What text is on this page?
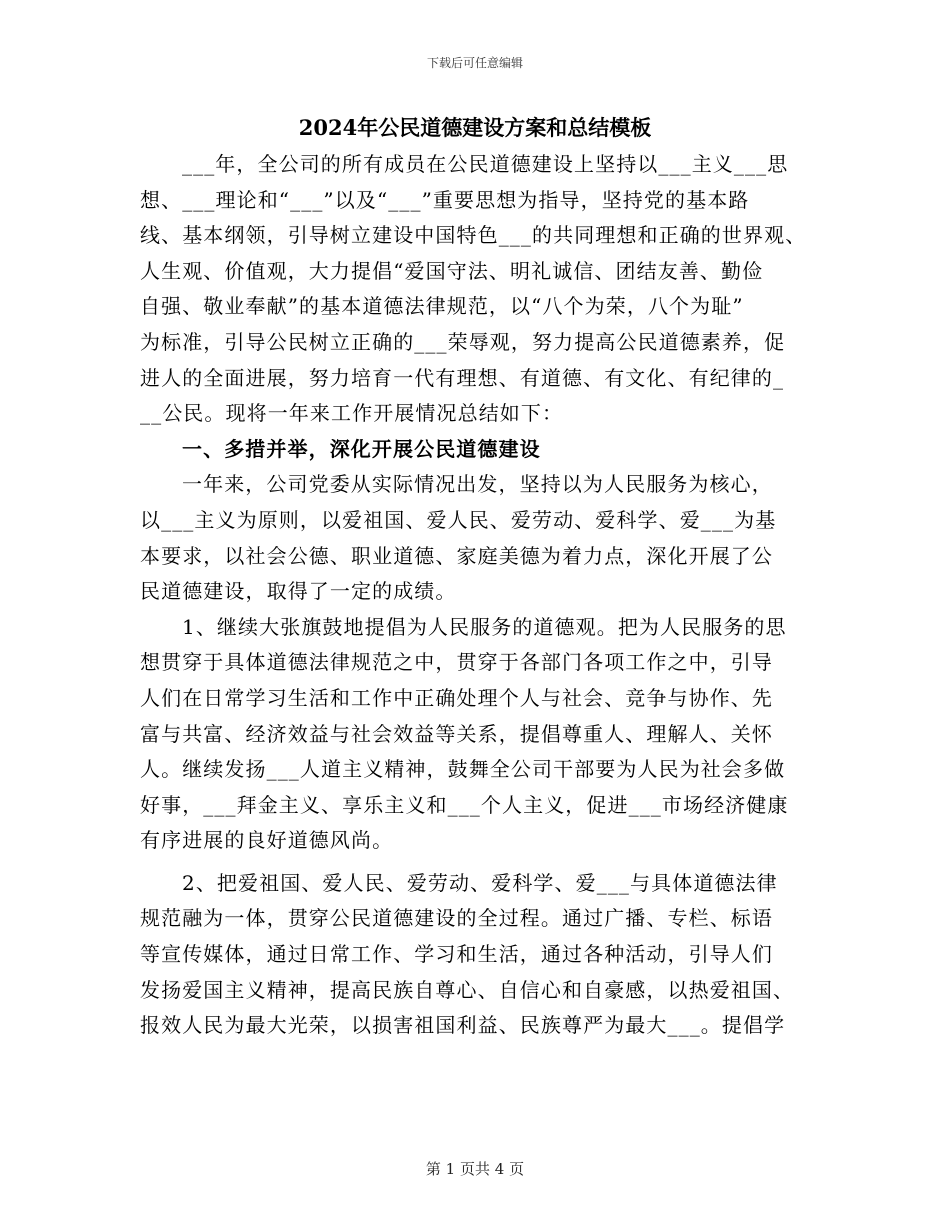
下载后可任意编辑
2024年公民道德建设方案和总结模板
___年，全公司的所有成员在公民道德建设上坚持以___主义___思
想、___理论和“___”以及“___”重要思想为指导，坚持党的基本路
线、基本纲领，引导树立建设中国特色___的共同理想和正确的世界观、
人生观、价值观，大力提倡“爱国守法、明礼诚信、团结友善、勤俭
自强、敬业奉献”的基本道德法律规范，以“八个为荣，八个为耻”
为标准，引导公民树立正确的___荣辱观，努力提高公民道德素养，促
进人的全面进展，努力培育一代有理想、有道德、有文化、有纪律的_
__公民。现将一年来工作开展情况总结如下：
一、多措并举，深化开展公民道德建设
一年来，公司党委从实际情况出发，坚持以为人民服务为核心，
以___主义为原则，以爱祖国、爱人民、爱劳动、爱科学、爱___为基
本要求，以社会公德、职业道德、家庭美德为着力点，深化开展了公
民道德建设，取得了一定的成绩。
1、继续大张旗鼓地提倡为人民服务的道德观。把为人民服务的思
想贯穿于具体道德法律规范之中，贯穿于各部门各项工作之中，引导
人们在日常学习生活和工作中正确处理个人与社会、竞争与协作、先
富与共富、经济效益与社会效益等关系，提倡尊重人、理解人、关怀
人。继续发扬___人道主义精神，鼓舞全公司干部要为人民为社会多做
好事，___拜金主义、享乐主义和___个人主义，促进___市场经济健康
有序进展的良好道德风尚。
2、把爱祖国、爱人民、爱劳动、爱科学、爱___与具体道德法律
规范融为一体，贯穿公民道德建设的全过程。通过广播、专栏、标语
等宣传媒体，通过日常工作、学习和生活，通过各种活动，引导人们
发扬爱国主义精神，提高民族自尊心、自信心和自豪感，以热爱祖国、
报效人民为最大光荣，以损害祖国利益、民族尊严为最大___。提倡学
第 1 页共 4 页
